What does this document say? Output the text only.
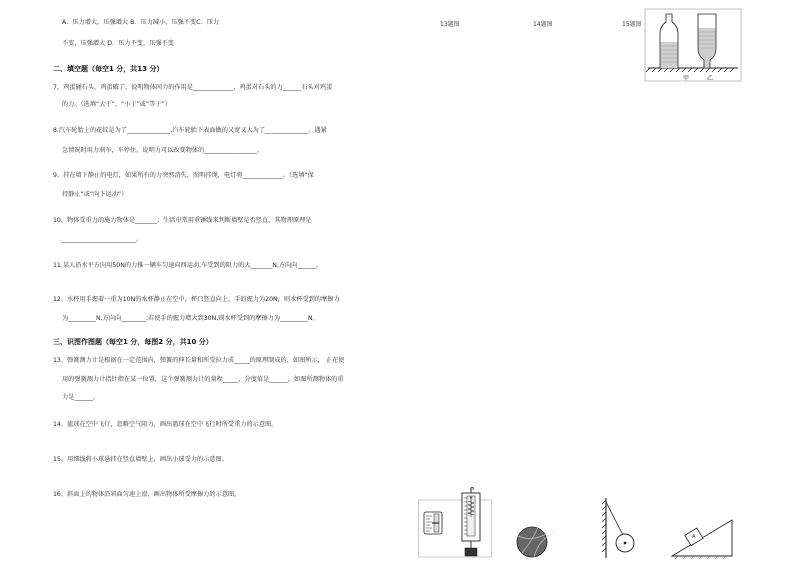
A．压力增大，压强增大 B．压力减小，压强不变C．压力
不变，压强增大 D．压力不变，压强不变
13题图	14题图	15题图
甲	乙
二、填空题（每空1 分，共13 分）
7、鸡蛋碰石头，鸡蛋破了，说明物体间力的作用是_____________，鸡蛋对石头的力______石头对鸡蛋
的力。（选填“大于”、“小于”或“等于”）
8.汽车轮胎上的花纹是为了______________,汽车轮胎下表面做的又宽又大为了______________。遇紧
急情况时用力刹车，车停住，说明力可以改变物体的_________________。
9、挂在墙下静止的电灯，如果所有的力突然消失，照明挂绳，电灯将_____________。（选填“保
持静止”或“向下运动”）
10、物体受重力的施力物体是_______；生活中常用重锤线来判断墙壁是否竖直，其物理原理是
________________________。
11.某人沿水平方向用50N的力推一辆车匀速向西运动,车受到的阻力的大_______N,方向向______。
12、水杯用手握着一重为10N的水杯静止在空中，杯口竖直向上，手的握力为20N，则水杯受到的摩擦力
为_________N,方向向________;若使手的握力增大到30N,则水杯受到的摩擦力为_________N。
三、识图作图题（每空1 分，每图2 分，共10 分）
13、弹簧测力计是根据在一定范围内，弹簧的伸长量和所受拉力成_____的原理制成的，如图所示， 正在使
用的弹簧测力计指针指在某一位置，这个弹簧测力计的量程_____，分度值是______，如图所测物体的重
力是______。
14、篮球在空中飞行，忽略空气阻力，画出篮球在空中飞行时所受重力的示意图。
15、用细线将小球悬挂在竖直墙壁上，画出小球受力的示意图。
16、斜面上的物体沿斜面匀速上滑，画出物体所受摩擦力的示意图。
A
